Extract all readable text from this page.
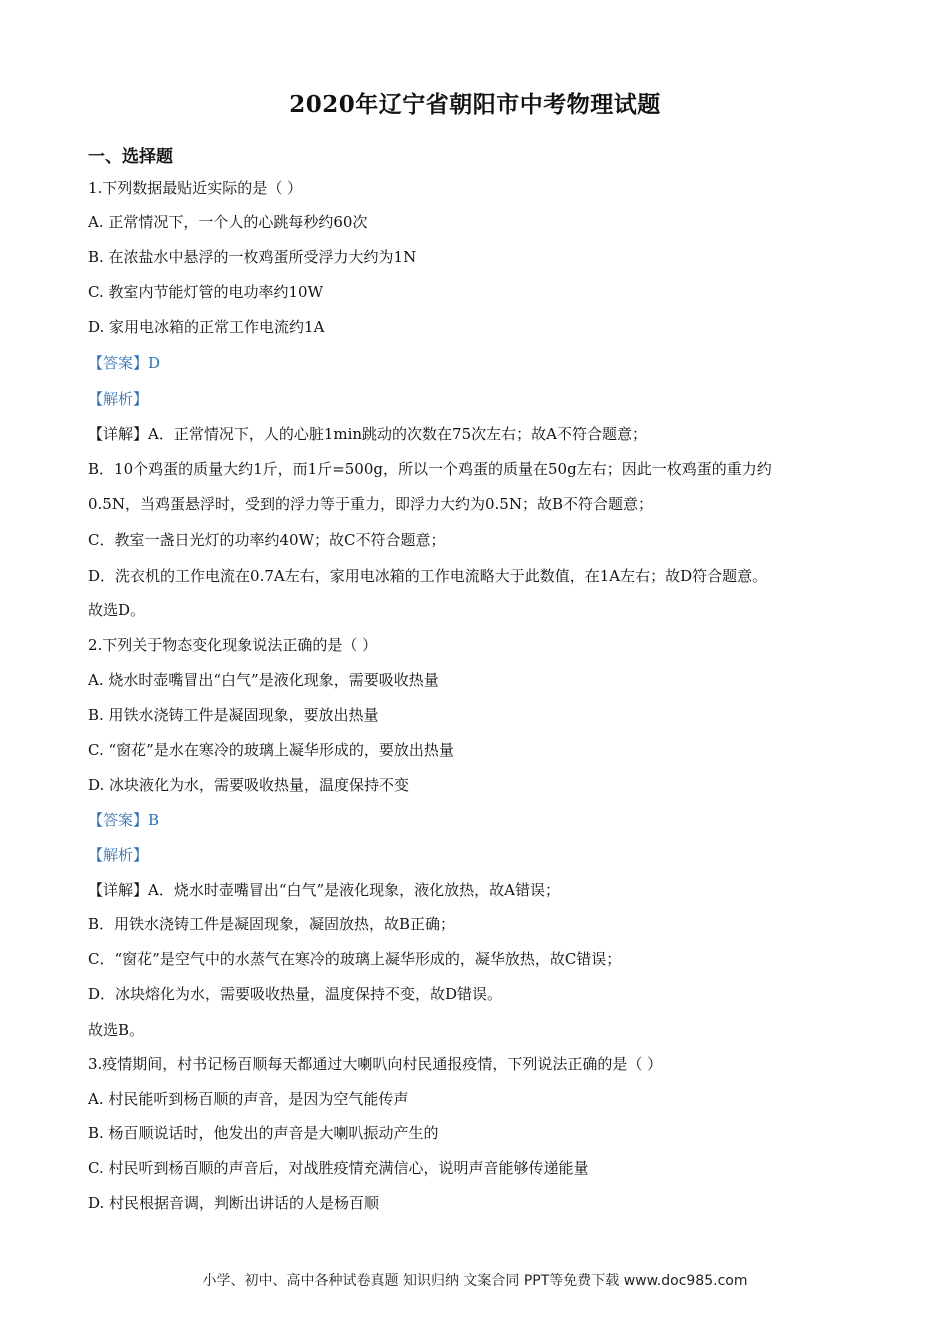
2020年辽宁省朝阳市中考物理试题
一、选择题
1.下列数据最贴近实际的是（ ）
A. 正常情况下，一个人的心跳每秒约60次
B. 在浓盐水中悬浮的一枚鸡蛋所受浮力大约为1N
C. 教室内节能灯管的电功率约10W
D. 家用电冰箱的正常工作电流约1A
【答案】D
【解析】
【详解】A．正常情况下，人的心脏1min跳动的次数在75次左右；故A不符合题意；
B．10个鸡蛋的质量大约1斤，而1斤=500g，所以一个鸡蛋的质量在50g左右；因此一枚鸡蛋的重力约
0.5N，当鸡蛋悬浮时，受到的浮力等于重力，即浮力大约为0.5N；故B不符合题意；
C．教室一盏日光灯的功率约40W；故C不符合题意；
D．洗衣机的工作电流在0.7A左右，家用电冰箱的工作电流略大于此数值，在1A左右；故D符合题意。
故选D。
2.下列关于物态变化现象说法正确的是（ ）
A. 烧水时壶嘴冒出“白气”是液化现象，需要吸收热量
B. 用铁水浇铸工件是凝固现象，要放出热量
C. “窗花”是水在寒冷的玻璃上凝华形成的，要放出热量
D. 冰块液化为水，需要吸收热量，温度保持不变
【答案】B
【解析】
【详解】A．烧水时壶嘴冒出“白气”是液化现象，液化放热，故A错误；
B．用铁水浇铸工件是凝固现象，凝固放热，故B正确；
C．“窗花”是空气中的水蒸气在寒冷的玻璃上凝华形成的，凝华放热，故C错误；
D．冰块熔化为水，需要吸收热量，温度保持不变，故D错误。
故选B。
3.疫情期间，村书记杨百顺每天都通过大喇叭向村民通报疫情，下列说法正确的是（ ）
A. 村民能听到杨百顺的声音，是因为空气能传声
B. 杨百顺说话时，他发出的声音是大喇叭振动产生的
C. 村民听到杨百顺的声音后，对战胜疫情充满信心，说明声音能够传递能量
D. 村民根据音调，判断出讲话的人是杨百顺
小学、初中、高中各种试卷真题 知识归纳 文案合同 PPT等免费下载 www.doc985.com
